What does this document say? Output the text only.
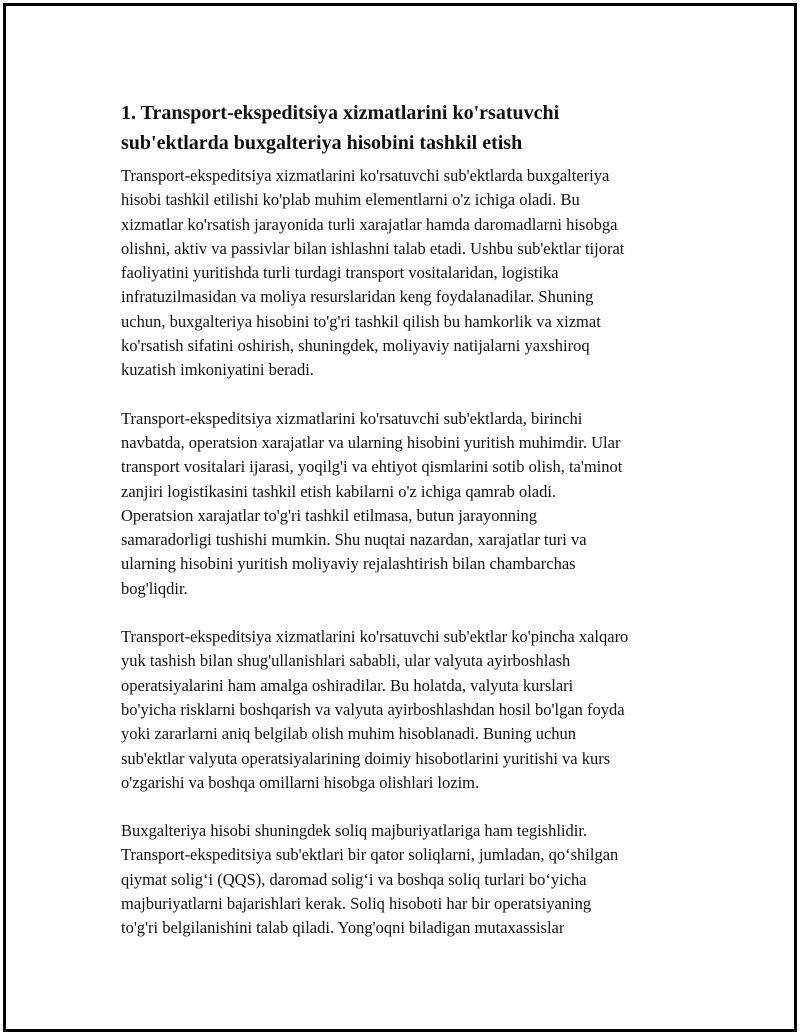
1. Transport-ekspeditsiya xizmatlarini ko'rsatuvchi
sub'ektlarda buxgalteriya hisobini tashkil etish

Transport-ekspeditsiya xizmatlarini ko'rsatuvchi sub'ektlarda buxgalteriya
hisobi tashkil etilishi ko'plab muhim elementlarni o'z ichiga oladi. Bu
xizmatlar ko'rsatish jarayonida turli xarajatlar hamda daromadlarni hisobga
olishni, aktiv va passivlar bilan ishlashni talab etadi. Ushbu sub'ektlar tijorat
faoliyatini yuritishda turli turdagi transport vositalaridan, logistika
infratuzilmasidan va moliya resurslaridan keng foydalanadilar. Shuning
uchun, buxgalteriya hisobini to'g'ri tashkil qilish bu hamkorlik va xizmat
ko'rsatish sifatini oshirish, shuningdek, moliyaviy natijalarni yaxshiroq
kuzatish imkoniyatini beradi.

Transport-ekspeditsiya xizmatlarini ko'rsatuvchi sub'ektlarda, birinchi
navbatda, operatsion xarajatlar va ularning hisobini yuritish muhimdir. Ular
transport vositalari ijarasi, yoqilg'i va ehtiyot qismlarini sotib olish, ta'minot
zanjiri logistikasini tashkil etish kabilarni o'z ichiga qamrab oladi.
Operatsion xarajatlar to'g'ri tashkil etilmasa, butun jarayonning
samaradorligi tushishi mumkin. Shu nuqtai nazardan, xarajatlar turi va
ularning hisobini yuritish moliyaviy rejalashtirish bilan chambarchas
bog'liqdir.

Transport-ekspeditsiya xizmatlarini ko'rsatuvchi sub'ektlar ko'pincha xalqaro
yuk tashish bilan shug'ullanishlari sababli, ular valyuta ayirboshlash
operatsiyalarini ham amalga oshiradilar. Bu holatda, valyuta kurslari
bo'yicha risklarni boshqarish va valyuta ayirboshlashdan hosil bo'lgan foyda
yoki zararlarni aniq belgilab olish muhim hisoblanadi. Buning uchun
sub'ektlar valyuta operatsiyalarining doimiy hisobotlarini yuritishi va kurs
o'zgarishi va boshqa omillarni hisobga olishlari lozim.

Buxgalteriya hisobi shuningdek soliq majburiyatlariga ham tegishlidir.
Transport-ekspeditsiya sub'ektlari bir qator soliqlarni, jumladan, qo‘shilgan
qiymat solig‘i (QQS), daromad solig‘i va boshqa soliq turlari bo‘yicha
majburiyatlarni bajarishlari kerak. Soliq hisoboti har bir operatsiyaning
to'g'ri belgilanishini talab qiladi. Yong'oqni biladigan mutaxassislar
